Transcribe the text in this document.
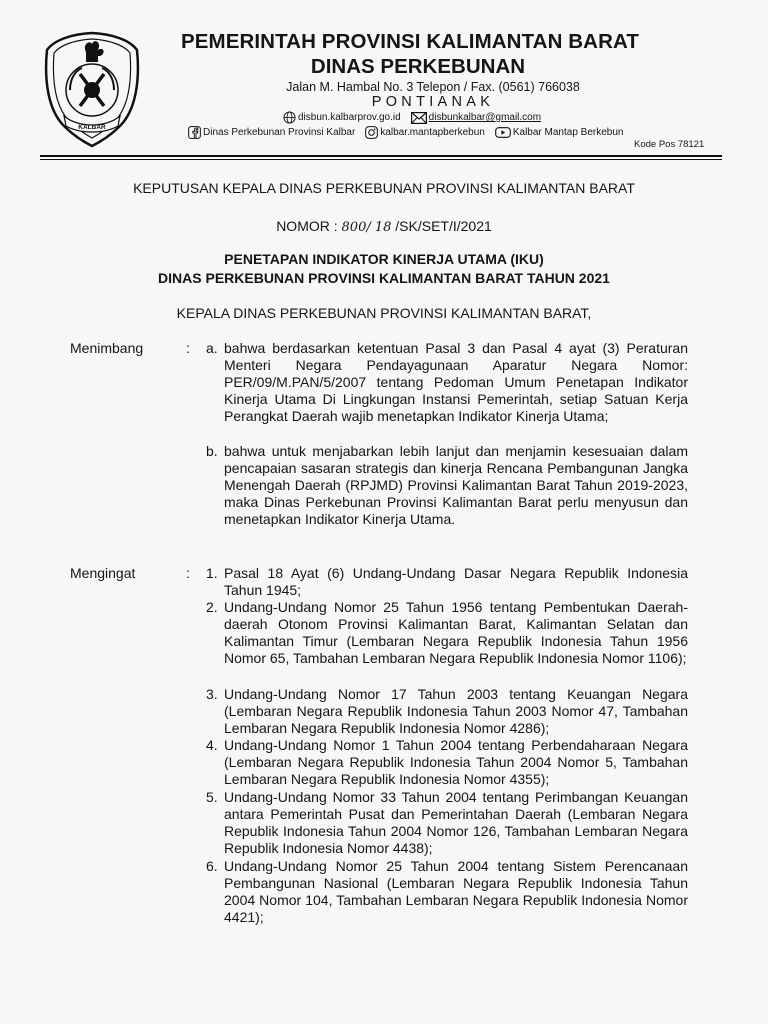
KALBAR
PEMERINTAH PROVINSI KALIMANTAN BARAT
DINAS PERKEBUNAN
Jalan M. Hambal No. 3 Telepon / Fax. (0561) 766038
PONTIANAK
disbun.kalbarprov.go.id	disbunkalbar@gmail.com
Dinas Perkebunan Provinsi Kalbar	kalbar.mantapberkebun	Kalbar Mantap Berkebun
Kode Pos 78121
KEPUTUSAN KEPALA DINAS PERKEBUNAN PROVINSI KALIMANTAN BARAT
NOMOR : 800/ 18 /SK/SET/I/2021
PENETAPAN INDIKATOR KINERJA UTAMA (IKU)
DINAS PERKEBUNAN PROVINSI KALIMANTAN BARAT TAHUN 2021
KEPALA DINAS PERKEBUNAN PROVINSI KALIMANTAN BARAT,
Menimbang	: a. bahwa berdasarkan ketentuan Pasal 3 dan Pasal 4 ayat (3) Peraturan Menteri Negara Pendayagunaan Aparatur Negara Nomor: PER/09/M.PAN/5/2007 tentang Pedoman Umum Penetapan Indikator Kinerja Utama Di Lingkungan Instansi Pemerintah, setiap Satuan Kerja Perangkat Daerah wajib menetapkan Indikator Kinerja Utama;
b. bahwa untuk menjabarkan lebih lanjut dan menjamin kesesuaian dalam pencapaian sasaran strategis dan kinerja Rencana Pembangunan Jangka Menengah Daerah (RPJMD) Provinsi Kalimantan Barat Tahun 2019-2023, maka Dinas Perkebunan Provinsi Kalimantan Barat perlu menyusun dan menetapkan Indikator Kinerja Utama.
Mengingat	: 1. Pasal 18 Ayat (6) Undang-Undang Dasar Negara Republik Indonesia Tahun 1945;
2. Undang-Undang Nomor 25 Tahun 1956 tentang Pembentukan Daerah-daerah Otonom Provinsi Kalimantan Barat, Kalimantan Selatan dan Kalimantan Timur (Lembaran Negara Republik Indonesia Tahun 1956 Nomor 65, Tambahan Lembaran Negara Republik Indonesia Nomor 1106);
3. Undang-Undang Nomor 17 Tahun 2003 tentang Keuangan Negara (Lembaran Negara Republik Indonesia Tahun 2003 Nomor 47, Tambahan Lembaran Negara Republik Indonesia Nomor 4286);
4. Undang-Undang Nomor 1 Tahun 2004 tentang Perbendaharaan Negara (Lembaran Negara Republik Indonesia Tahun 2004 Nomor 5, Tambahan Lembaran Negara Republik Indonesia Nomor 4355);
5. Undang-Undang Nomor 33 Tahun 2004 tentang Perimbangan Keuangan antara Pemerintah Pusat dan Pemerintahan Daerah (Lembaran Negara Republik Indonesia Tahun 2004 Nomor 126, Tambahan Lembaran Negara Republik Indonesia Nomor 4438);
6. Undang-Undang Nomor 25 Tahun 2004 tentang Sistem Perencanaan Pembangunan Nasional (Lembaran Negara Republik Indonesia Tahun 2004 Nomor 104, Tambahan Lembaran Negara Republik Indonesia Nomor 4421);
